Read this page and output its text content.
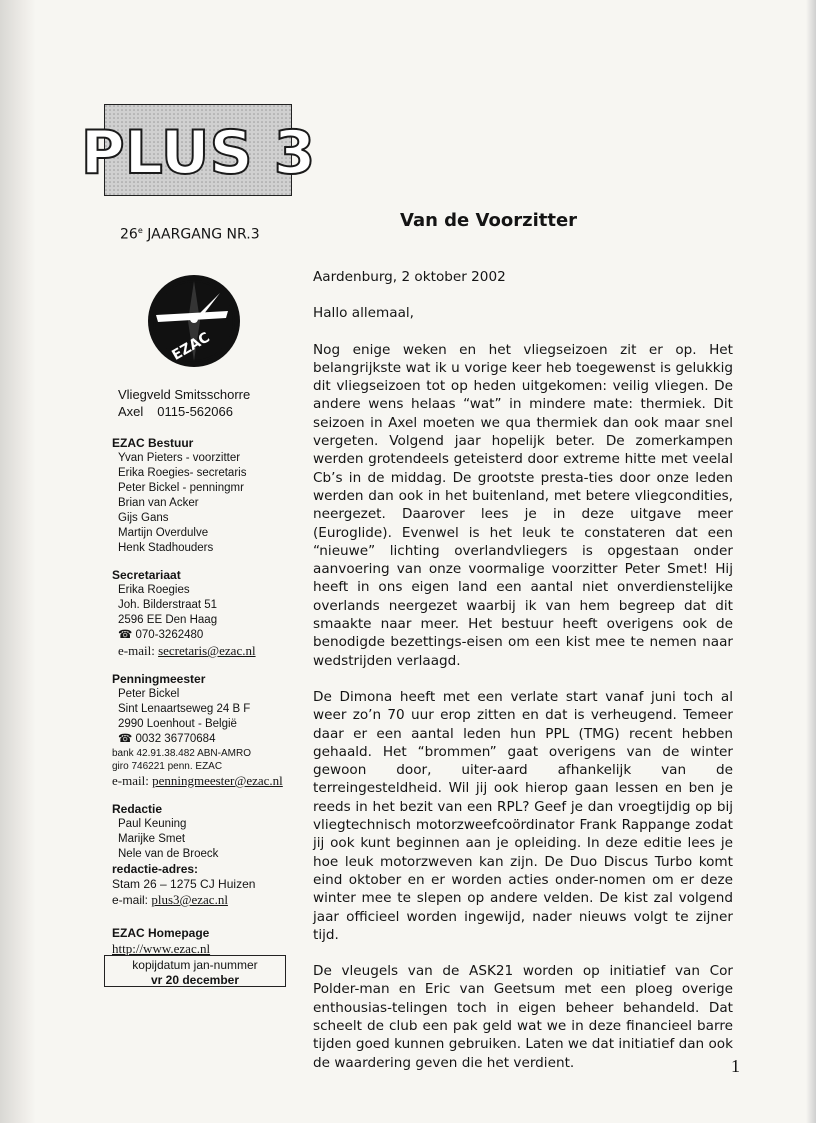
PLUS 3
26e JAARGANG NR.3
Van de Voorzitter
EZAC
Vliegveld Smitsschorre
Axel 0115-562066
EZAC Bestuur
Yvan Pieters - voorzitter
Erika Roegies- secretaris
Peter Bickel - penningmr
Brian van Acker
Gijs Gans
Martijn Overdulve
Henk Stadhouders
Secretariaat
Erika Roegies
Joh. Bilderstraat 51
2596 EE Den Haag
☎ 070-3262480
e-mail: secretaris@ezac.nl
Penningmeester
Peter Bickel
Sint Lenaartseweg 24 B F
2990 Loenhout - België
☎ 0032 36770684
bank 42.91.38.482 ABN-AMRO
giro 746221 penn. EZAC
e-mail: penningmeester@ezac.nl
Redactie
Paul Keuning
Marijke Smet
Nele van de Broeck
redactie-adres:
Stam 26 – 1275 CJ Huizen
e-mail: plus3@ezac.nl
EZAC Homepage
http://www.ezac.nl
kopijdatum jan-nummer
vr 20 december

Aardenburg, 2 oktober 2002

Hallo allemaal,

Nog enige weken en het vliegseizoen zit er op. Het belangrijkste wat ik u vorige keer heb toegewenst is gelukkig dit vliegseizoen tot op heden uitgekomen: veilig vliegen. De andere wens helaas “wat” in mindere mate: thermiek. Dit seizoen in Axel moeten we qua thermiek dan ook maar snel vergeten. Volgend jaar hopelijk beter. De zomerkampen werden grotendeels geteisterd door extreme hitte met veelal Cb’s in de middag. De grootste presta-ties door onze leden werden dan ook in het buitenland, met betere vliegcondities, neergezet. Daarover lees je in deze uitgave meer (Euroglide). Evenwel is het leuk te constateren dat een “nieuwe” lichting overlandvliegers is opgestaan onder aanvoering van onze voormalige voorzitter Peter Smet! Hij heeft in ons eigen land een aantal niet onverdienstelijke overlands neergezet waarbij ik van hem begreep dat dit smaakte naar meer. Het bestuur heeft overigens ook de benodigde bezettings-eisen om een kist mee te nemen naar wedstrijden verlaagd.

De Dimona heeft met een verlate start vanaf juni toch al weer zo’n 70 uur erop zitten en dat is verheugend. Temeer daar er een aantal leden hun PPL (TMG) recent hebben gehaald. Het “brommen” gaat overigens van de winter gewoon door, uiter-aard afhankelijk van de terreingesteldheid. Wil jij ook hierop gaan lessen en ben je reeds in het bezit van een RPL? Geef je dan vroegtijdig op bij vliegtechnisch motorzweefcoördinator Frank Rappange zodat jij ook kunt beginnen aan je opleiding. In deze editie lees je hoe leuk motorzweven kan zijn. De Duo Discus Turbo komt eind oktober en er worden acties onder-nomen om er deze winter mee te slepen op andere velden. De kist zal volgend jaar officieel worden ingewijd, nader nieuws volgt te zijner tijd.

De vleugels van de ASK21 worden op initiatief van Cor Polder-man en Eric van Geetsum met een ploeg overige enthousias-telingen toch in eigen beheer behandeld. Dat scheelt de club een pak geld wat we in deze financieel barre tijden goed kunnen gebruiken. Laten we dat initiatief dan ook de waardering geven die het verdient.	1
